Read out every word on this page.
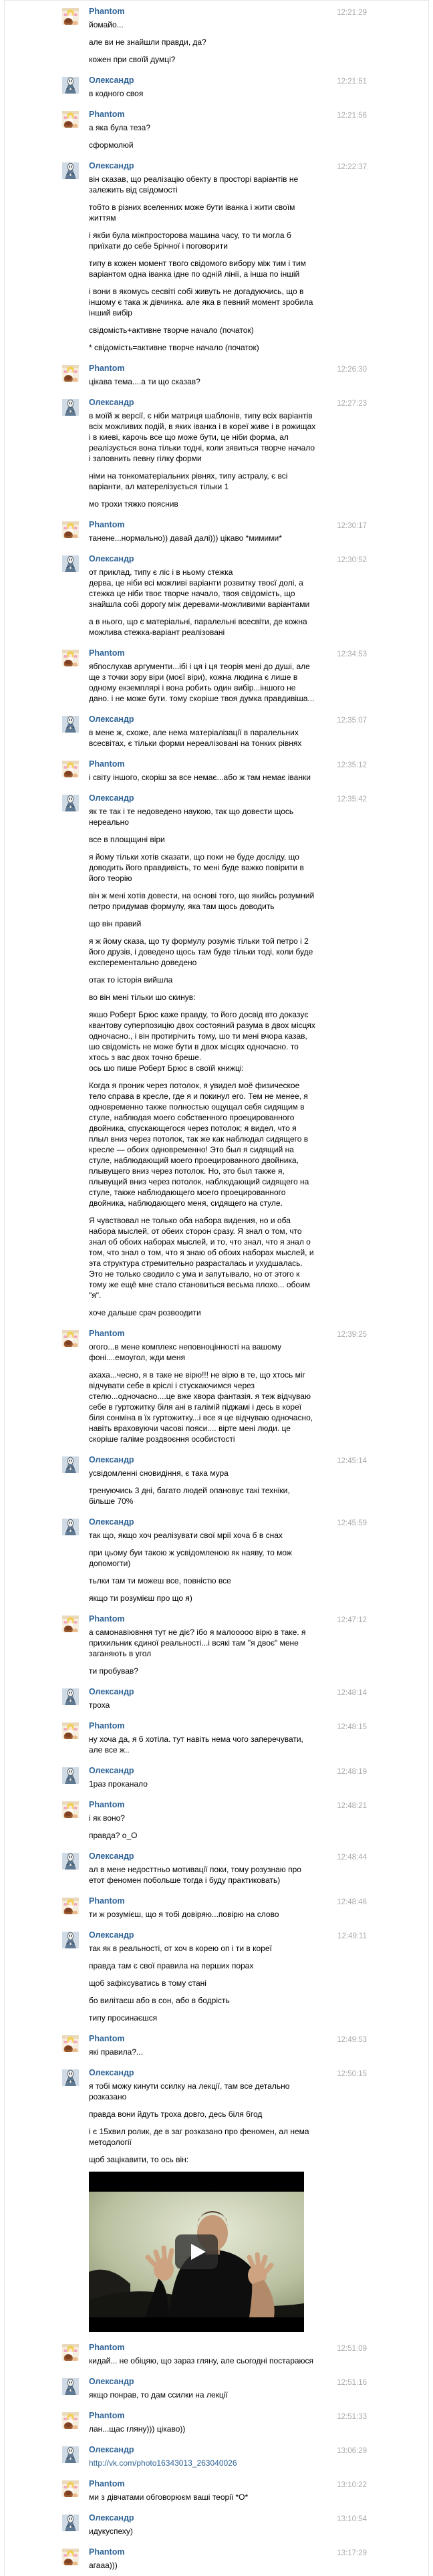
Phantom	12:21:29
йомайо...
але ви не знайшли правди, да?
кожен при своїй думці?
Олександр	12:21:51
в кодного своя
Phantom	12:21:56
а яка була теза?
сформолюй
Олександр	12:22:37
він сказав, що реалізацію обекту в просторі варіантів не залежить від свідомості
тобто в різних вселенних може бути іванка і жити своїм життям
і якби була міжпросторова машина часу, то ти могла б приїхати до себе 5річної і поговорити
типу в кожен момент твого свідомого вибору між тим і тим варіантом одна іванка ідне по одній лінії, а інша по іншій
і вони в якомусь сесвіті собі живуть не догадуючись, що в іншому є така ж дівчинка. але яка в певний момент зробила інший вибір
свідомість+активне творче начало (початок)
* свідомість=активне творче начало (початок)
Phantom	12:26:30
цікава тема....а ти що сказав?
Олександр	12:27:23
в моїй ж версії, є ніби матриця шаблонів, типу всіх варіантів всіх можливих подій, в яких іванка і в кореї живе і в рожищах і в киеві, карочь все що може бути, це ніби форма, ал реалізується вона тільки тодні, коли зявиться творче начало і заповнить певну гілку форми
німи на тонкоматеріальних рівнях, типу астралу, є всі варіанти, ал матерелізується тільки 1
мо трохи тяжко пояснив
Phantom	12:30:17
танене...нормально)) давай далі))) цікаво *мимими*
Олександр	12:30:52
от приклад, типу є ліс і в ньому стежка
дерва, це ніби всі можливі варіанти розвитку твоєї долі, а стежка це ніби твоє творче начало, твоя свідомість, що знайшла собі дорогу між деревами-можливими варіантами
а в нього, що є матеріальні, паралельні всесвіти, де кожна можлива стежка-варіант реалізовані
Phantom	12:34:53
ябпослухав аргументи...ібі і ця і ця теорія мені до душі, але ще з точки зору віри (моєї віри), кожна людина є лише в одному екземплярі і вона робить один вибір...іншого не дано. і не може бути. тому скоріше твоя думка правдивіша...
Олександр	12:35:07
в мене ж, схоже, але нема матеріалізації в паралельних всесвітах, є тільки форми нереалізовані на тонких рівнях
Phantom	12:35:12
і світу іншого, скоріш за все немає...або ж там немає іванки
Олександр	12:35:42
як те так і те недоведено наукою, так що довести щось нереально
все в площщині віри
я йому тільки хотів сказати, що поки не буде досліду, що доводить його правдивість, то мені буде важко повірити в його теорію
він ж мені хотів довести, на основі того, що якийсь розумний петро придумав формулу, яка там щось доводить
що він правий
я ж йому сказа, що ту формулу розуміє тільки той петро і 2 його друзів, і доведено щось там буде тільки тоді, коли буде експерементально доведено
отак то історія вийшла
во він мені тільки шо скинув:
якшо Роберт Брюс каже правду, то його досвід вто доказує квантову суперпозицію двох состояний разума в двох місцях одночасно., і він протирічить тому, шо ти мені вчора казав, шо свідомість не може бути в двох місцях одночасно. то хтось з вас двох точно бреше.
ось шо пише Роберт Брюс в своїй книжці:
Когда я проник через потолок, я увидел моё физическое тело справа в кресле, где я и покинул его. Тем не менее, я одновременно также полностью ощущал себя сидящим в стуле, наблюдая моего собственного проецированного двойника, спускающегося через потолок; я видел, что я плыл вниз через потолок, так же как наблюдал сидящего в кресле — обоих одновременно! Это был я сидящий на стуле, наблюдающий моего проецированного двойника, плывущего вниз через потолок. Но, это был также я, плывущий вниз через потолок, наблюдающий сидящего на стуле, также наблюдающего моего проецированного двойника, наблюдающего меня, сидящего на стуле.
Я чувствовал не только оба набора видения, но и оба набора мыслей, от обеих сторон сразу. Я знал о том, что знал об обоих наборах мыслей, и то, что знал, что я знал о том, что знал о том, что я знаю об обоих наборах мыслей, и эта структура стремительно разрасталась и ухудшалась. Это не только сводило с ума и запутывало, но от этого к тому же ещё мне стало становиться весьма плохо... обоим "я".
хоче дальше срач розвоодити
Phantom	12:39:25
огого...в мене комплекс неповноцінності на вашому фоні....емоугол, жди меня
ахаха...чесно, я в таке не вірю!!! не вірю в те, що хтось міг відчувати себе в кріслі і стускаючимся через стелю...одночасно....це вже хвора фантазія. я теж відчуваю себе в гуртожитку біля ані в галімій піджамі і десь в кореї біля сонміна в їх гуртожитку...і все я це відчуваю одночасно, навіть враховуючи часові пояси.... вірте мені люди. це скоріше галіме роздвоєння особистості
Олександр	12:45:14
усвідомленні сновидіння, є така мура
тренуючись 3 дні, багато людей опановує такі техніки, більше 70%
Олександр	12:45:59
так що, якщо хоч реалізувати свої мрії хоча б в снах
при цьому буи такою ж усвідомленою як наяву, то мож допомогти)
тьлки там ти можеш все, повністю все
якщо ти розумієш про що я)
Phantom	12:47:12
а самонавіювння тут не діє? ібо я малооооо вірю в таке. я прихильник єдиної реальності...і всякі там "я двоє" мене заганяють в угол
ти пробував?
Олександр	12:48:14
троха
Phantom	12:48:15
ну хоча да, я б хотіла. тут навіть нема чого заперечувати, але все ж..
Олександр	12:48:19
1раз проканало
Phantom	12:48:21
і як воно?
правда? о_О
Олександр	12:48:44
ал в мене недосттньо мотивації поки, тому розузнаю про етот феномен побольше тогда і буду практиковать)
Phantom	12:48:46
ти ж розумієш, що я тобі довіряю...повірю на слово
Олександр	12:49:11
так як в реальності, от хоч в корею оп і ти в кореї
правда там є свої правила на перших порах
щоб зафіксуватись в тому стані
бо вилітаєш або в сон, або в бодрість
типу просинаєшся
Phantom	12:49:53
які правила?...
Олександр	12:50:15
я тобі можу кинути ссилку на лекції, там все детально розказано
правда вони йдуть троха довго, десь біля 6год
і є 15хвил ролик, де в заг розказано про феномен, ал нема методології
щоб зацікавити, то ось він:
Phantom	12:51:09
кидай... не обіцяю, що зараз гляну, але сьогодні постараюся
Олександр	12:51:16
якщо понрав, то дам ссилки на лекції
Phantom	12:51:33
лан...щас гляну))) цікаво))
Олександр	13:06:29
http://vk.com/photo16343013_263040026
Phantom	13:10:22
ми з дівчатами обговорюєм ваші теорії *О*
Олександр	13:10:54
идукуспеху)
Phantom	13:17:29
агааа)))
